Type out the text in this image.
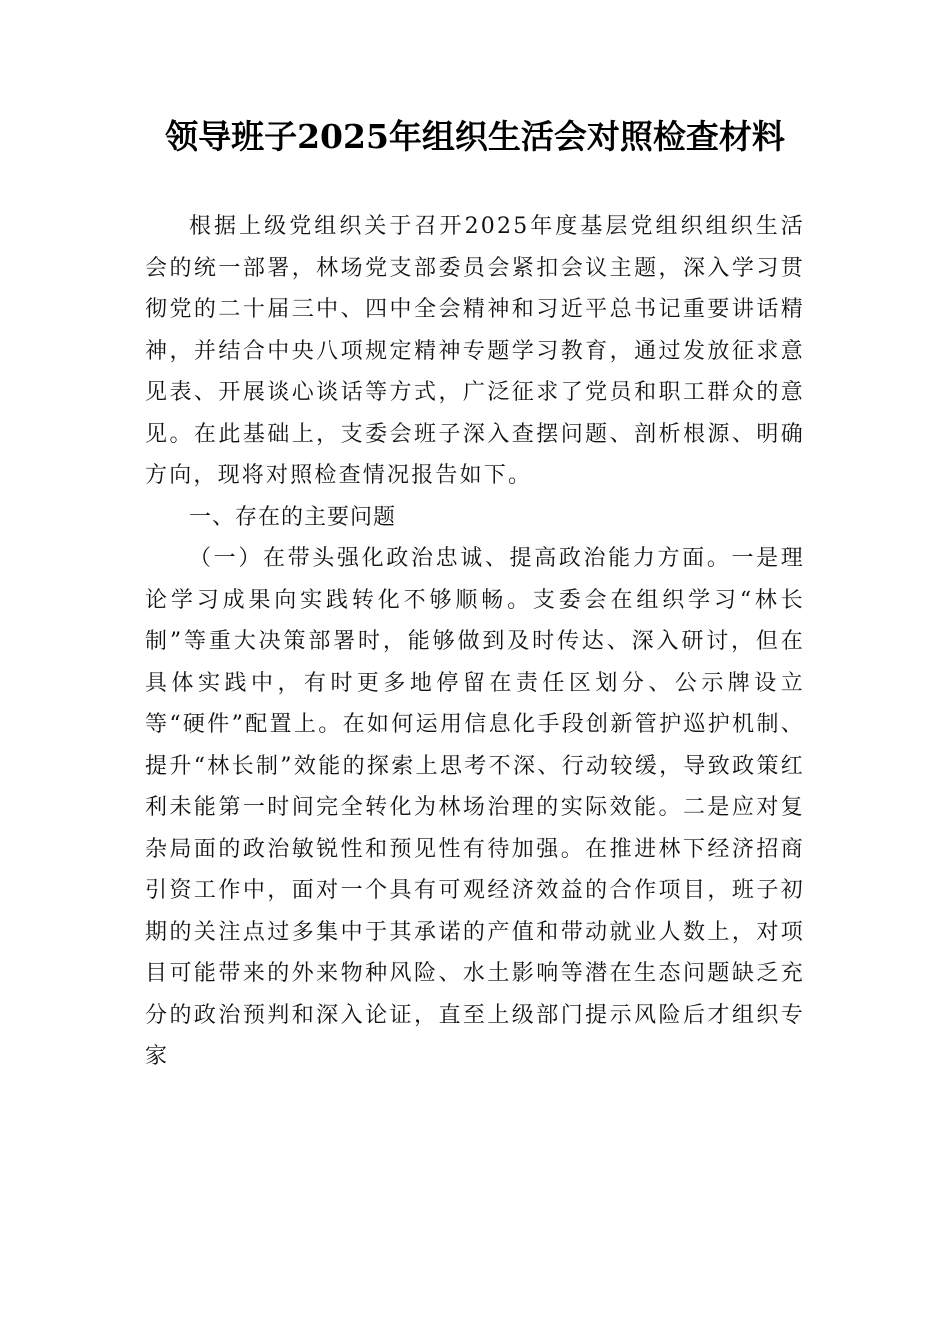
领导班子2025年组织生活会对照检查材料

根据上级党组织关于召开2025年度基层党组织组织生活会的统一部署，林场党支部委员会紧扣会议主题，深入学习贯彻党的二十届三中、四中全会精神和习近平总书记重要讲话精神，并结合中央八项规定精神专题学习教育，通过发放征求意见表、开展谈心谈话等方式，广泛征求了党员和职工群众的意见。在此基础上，支委会班子深入查摆问题、剖析根源、明确方向，现将对照检查情况报告如下。

一、存在的主要问题

（一）在带头强化政治忠诚、提高政治能力方面。一是理论学习成果向实践转化不够顺畅。支委会在组织学习“林长制”等重大决策部署时，能够做到及时传达、深入研讨，但在具体实践中，有时更多地停留在责任区划分、公示牌设立等“硬件”配置上。在如何运用信息化手段创新管护巡护机制、提升“林长制”效能的探索上思考不深、行动较缓，导致政策红利未能第一时间完全转化为林场治理的实际效能。二是应对复杂局面的政治敏锐性和预见性有待加强。在推进林下经济招商引资工作中，面对一个具有可观经济效益的合作项目，班子初期的关注点过多集中于其承诺的产值和带动就业人数上，对项目可能带来的外来物种风险、水土影响等潜在生态问题缺乏充分的政治预判和深入论证，直至上级部门提示风险后才组织专家
